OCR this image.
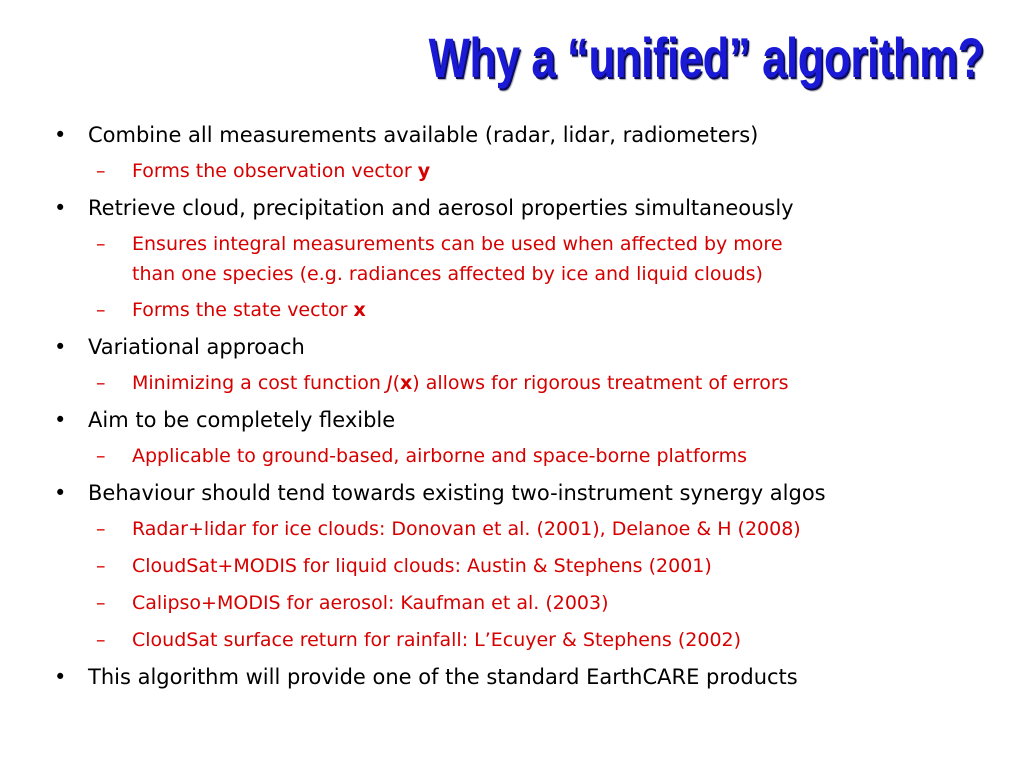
Why a “unified” algorithm?
• Combine all measurements available (radar, lidar, radiometers)
– Forms the observation vector y
• Retrieve cloud, precipitation and aerosol properties simultaneously
– Ensures integral measurements can be used when affected by more
than one species (e.g. radiances affected by ice and liquid clouds)
– Forms the state vector x
• Variational approach
– Minimizing a cost function J(x) allows for rigorous treatment of errors
• Aim to be completely flexible
– Applicable to ground-based, airborne and space-borne platforms
• Behaviour should tend towards existing two-instrument synergy algos
– Radar+lidar for ice clouds: Donovan et al. (2001), Delanoe & H (2008)
– CloudSat+MODIS for liquid clouds: Austin & Stephens (2001)
– Calipso+MODIS for aerosol: Kaufman et al. (2003)
– CloudSat surface return for rainfall: L’Ecuyer & Stephens (2002)
• This algorithm will provide one of the standard EarthCARE products
